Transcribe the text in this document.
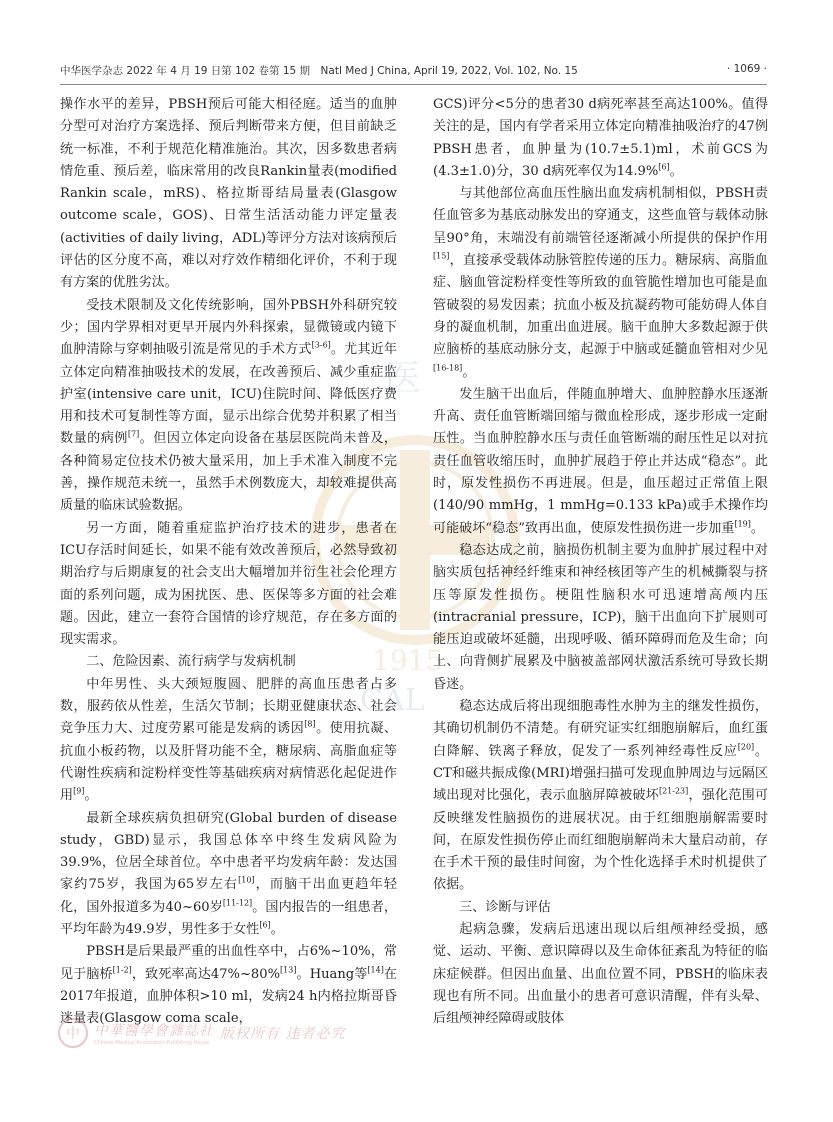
中华医学杂志 2022 年 4 月 19 日第 102 卷第 15 期　Natl Med J China, April 19, 2022, Vol. 102, No. 15	· 1069 ·
医
1915
CAL

操作水平的差异，PBSH预后可能大相径庭。适当的血肿分型可对治疗方案选择、预后判断带来方便，但目前缺乏统一标准，不利于规范化精准施治。其次，因多数患者病情危重、预后差，临床常用的改良Rankin量表(modified Rankin scale，mRS)、格拉斯哥结局量表(Glasgow outcome scale，GOS)、日常生活活动能力评定量表(activities of daily living，ADL)等评分方法对该病预后评估的区分度不高，难以对疗效作精细化评价，不利于现有方案的优胜劣汰。

受技术限制及文化传统影响，国外PBSH外科研究较少；国内学界相对更早开展内外科探索，显微镜或内镜下血肿清除与穿刺抽吸引流是常见的手术方式[3-6]。尤其近年立体定向精准抽吸技术的发展，在改善预后、减少重症监护室(intensive care unit，ICU)住院时间、降低医疗费用和技术可复制性等方面，显示出综合优势并积累了相当数量的病例[7]。但因立体定向设备在基层医院尚未普及，各种简易定位技术仍被大量采用，加上手术准入制度不完善，操作规范未统一，虽然手术例数庞大，却较难提供高质量的临床试验数据。

另一方面，随着重症监护治疗技术的进步，患者在ICU存活时间延长，如果不能有效改善预后，必然导致初期治疗与后期康复的社会支出大幅增加并衍生社会伦理方面的系列问题，成为困扰医、患、医保等多方面的社会难题。因此，建立一套符合国情的诊疗规范，存在多方面的现实需求。

二、危险因素、流行病学与发病机制

中年男性、头大颈短腹圆、肥胖的高血压患者占多数，服药依从性差，生活欠节制；长期亚健康状态、社会竞争压力大、过度劳累可能是发病的诱因[8]。使用抗凝、抗血小板药物，以及肝肾功能不全，糖尿病、高脂血症等代谢性疾病和淀粉样变性等基础疾病对病情恶化起促进作用[9]。

最新全球疾病负担研究(Global burden of disease study，GBD)显示，我国总体卒中终生发病风险为39.9%，位居全球首位。卒中患者平均发病年龄：发达国家约75岁，我国为65岁左右[10]，而脑干出血更趋年轻化，国外报道多为40~60岁[11-12]。国内报告的一组患者，平均年龄为49.9岁，男性多于女性[6]。

PBSH是后果最严重的出血性卒中，占6%~10%，常见于脑桥[1-2]，致死率高达47%~80%[13]。Huang等[14]在2017年报道，血肿体积>10 ml，发病24 h内格拉斯哥昏迷量表(Glasgow coma scale，

GCS)评分<5分的患者30 d病死率甚至高达100%。值得关注的是，国内有学者采用立体定向精准抽吸治疗的47例PBSH患者，血肿量为(10.7±5.1)ml，术前GCS为(4.3±1.0)分，30 d病死率仅为14.9%[6]。

与其他部位高血压性脑出血发病机制相似，PBSH责任血管多为基底动脉发出的穿通支，这些血管与载体动脉呈90°角，末端没有前端管径逐渐减小所提供的保护作用[15]，直接承受载体动脉管腔传递的压力。糖尿病、高脂血症、脑血管淀粉样变性等所致的血管脆性增加也可能是血管破裂的易发因素；抗血小板及抗凝药物可能妨碍人体自身的凝血机制，加重出血进展。脑干血肿大多数起源于供应脑桥的基底动脉分支，起源于中脑或延髓血管相对少见[16-18]。

发生脑干出血后，伴随血肿增大、血肿腔静水压逐渐升高、责任血管断端回缩与微血栓形成，逐步形成一定耐压性。当血肿腔静水压与责任血管断端的耐压性足以对抗责任血管收缩压时，血肿扩展趋于停止并达成“稳态”。此时，原发性损伤不再进展。但是，血压超过正常值上限(140/90 mmHg，1 mmHg=0.133 kPa)或手术操作均可能破坏“稳态”致再出血，使原发性损伤进一步加重[19]。

稳态达成之前，脑损伤机制主要为血肿扩展过程中对脑实质包括神经纤维束和神经核团等产生的机械撕裂与挤压等原发性损伤。梗阻性脑积水可迅速增高颅内压(intracranial pressure，ICP)，脑干出血向下扩展则可能压迫或破坏延髓，出现呼吸、循环障碍而危及生命；向上、向背侧扩展累及中脑被盖部网状激活系统可导致长期昏迷。

稳态达成后将出现细胞毒性水肿为主的继发性损伤，其确切机制仍不清楚。有研究证实红细胞崩解后，血红蛋白降解、铁离子释放，促发了一系列神经毒性反应[20]。CT和磁共振成像(MRI)增强扫描可发现血肿周边与远隔区域出现对比强化，表示血脑屏障被破坏[21-23]，强化范围可反映继发性脑损伤的进展状况。由于红细胞崩解需要时间，在原发性损伤停止而红细胞崩解尚未大量启动前，存在手术干预的最佳时间窗，为个性化选择手术时机提供了依据。

三、诊断与评估

起病急骤，发病后迅速出现以后组颅神经受损，感觉、运动、平衡、意识障碍以及生命体征紊乱为特征的临床症候群。但因出血量、出血位置不同，PBSH的临床表现也有所不同。出血量小的患者可意识清醒，伴有头晕、后组颅神经障碍或肢体

中	中華醫學會雜誌社
Chinese Medical Association Publishing House
版权所有 违者必究
